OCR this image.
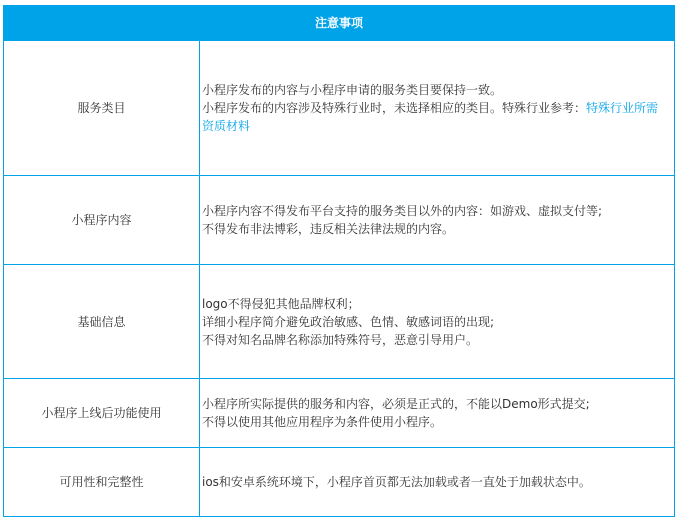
注意事项	
服务类目	小程序发布的内容与小程序申请的服务类目要保持一致。
小程序发布的内容涉及特殊行业时，未选择相应的类目。特殊行业参考：特殊行业所需资质材料

小程序内容	小程序内容不得发布平台支持的服务类目以外的内容：如游戏、虚拟支付等;
不得发布非法博彩，违反相关法律法规的内容。

基础信息	logo不得侵犯其他品牌权利；
详细小程序简介避免政治敏感、色情、敏感词语的出现;
不得对知名品牌名称添加特殊符号，恶意引导用户。

小程序上线后功能使用	小程序所实际提供的服务和内容，必须是正式的，不能以Demo形式提交;
不得以使用其他应用程序为条件使用小程序。

可用性和完整性	ios和安卓系统环境下，小程序首页都无法加载或者一直处于加载状态中。
